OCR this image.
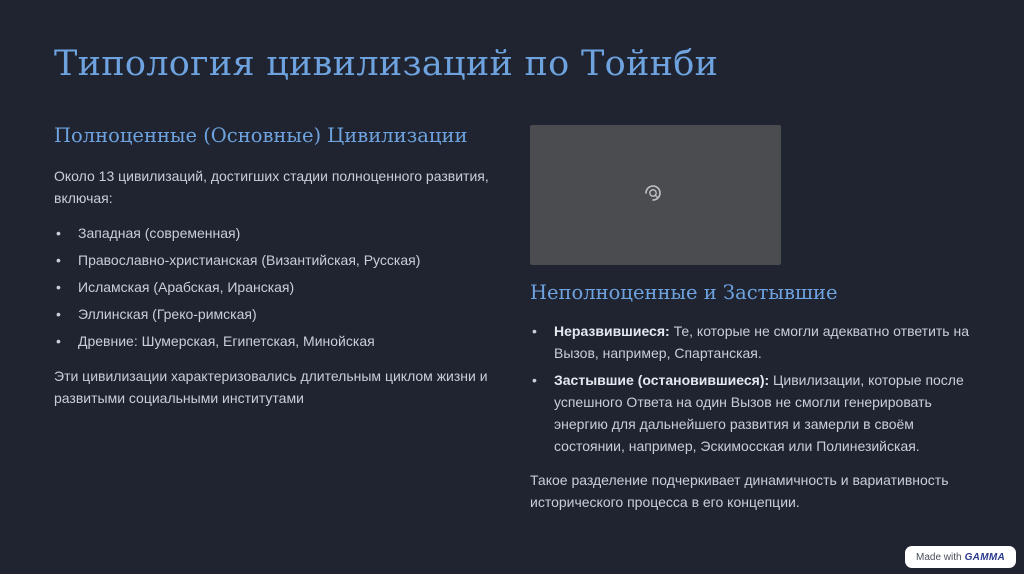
Типология цивилизаций по Тойнби
Полноценные (Основные) Цивилизации

Около 13 цивилизаций, достигших стадии полноценного развития, включая:

• Западная (современная)
• Православно-христианская (Византийская, Русская)
• Исламская (Арабская, Иранская)
• Эллинская (Греко-римская)
• Древние: Шумерская, Египетская, Минойская

Эти цивилизации характеризовались длительным циклом жизни и развитыми социальными институтами

Неполноценные и Застывшие
• Неразвившиеся: Те, которые не смогли адекватно ответить на Вызов, например, Спартанская.
• Застывшие (остановившиеся): Цивилизации, которые после успешного Ответа на один Вызов не смогли генерировать энергию для дальнейшего развития и замерли в своём состоянии, например, Эскимосская или Полинезийская.

Такое разделение подчеркивает динамичность и вариативность исторического процесса в его концепции.

Made with GAMMA
